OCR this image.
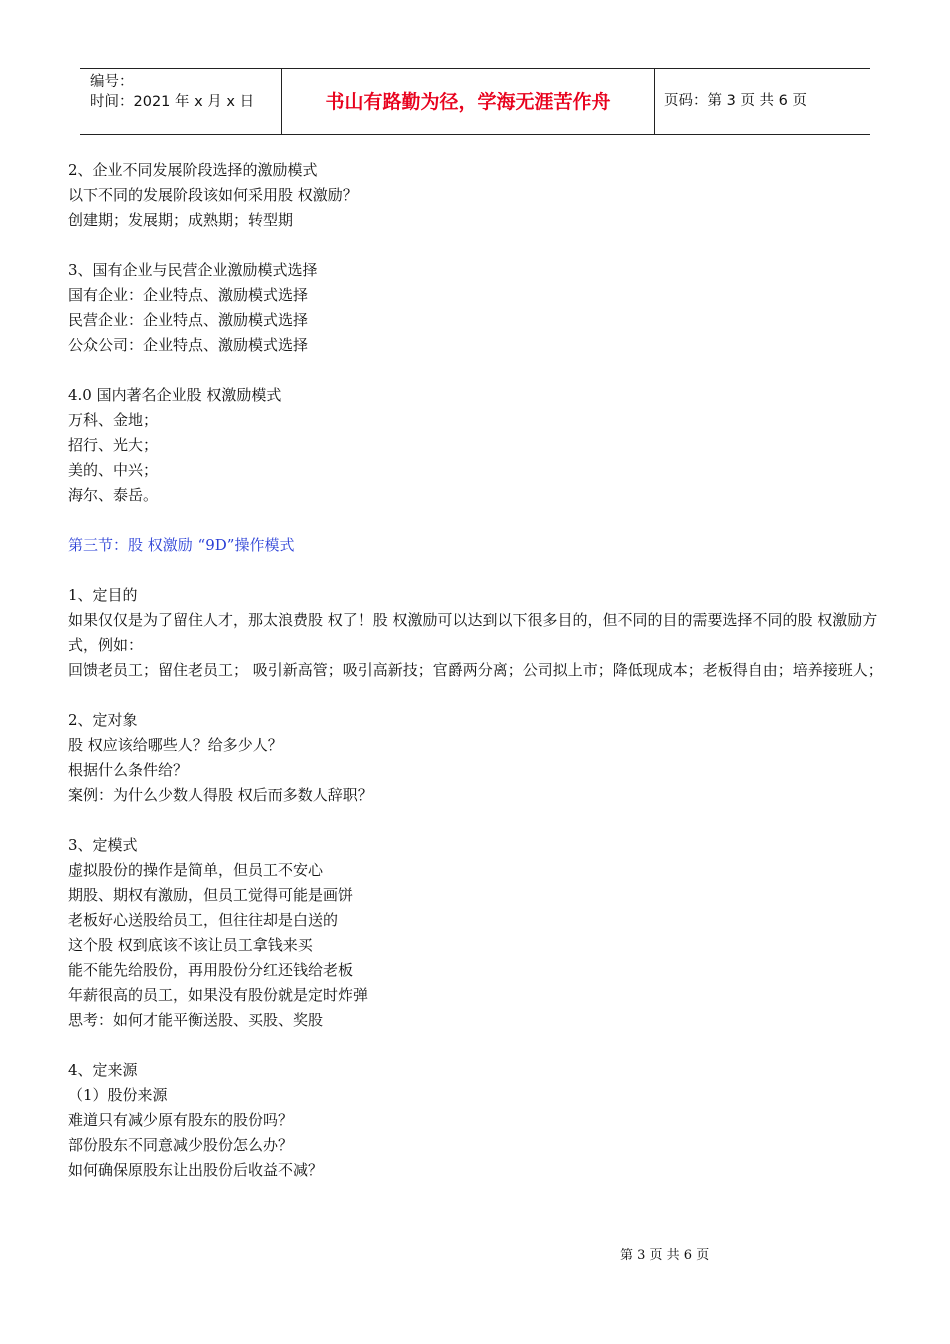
编号：
时间：2021 年 x 月 x 日	书山有路勤为径，学海无涯苦作舟	页码：第 3 页 共 6 页
2、企业不同发展阶段选择的激励模式
以下不同的发展阶段该如何采用股 权激励？
创建期；发展期；成熟期；转型期
3、国有企业与民营企业激励模式选择
国有企业：企业特点、激励模式选择
民营企业：企业特点、激励模式选择
公众公司：企业特点、激励模式选择
4.0 国内著名企业股 权激励模式
万科、金地；
招行、光大；
美的、中兴；
海尔、泰岳。
第三节：股 权激励 “9D”操作模式
1、定目的
如果仅仅是为了留住人才，那太浪费股 权了！股 权激励可以达到以下很多目的，但不同的目的需要选择不同的股 权激励方式，例如：
回馈老员工；留住老员工； 吸引新高管；吸引高新技；官爵两分离；公司拟上市；降低现成本；老板得自由；培养接班人；
2、定对象
股 权应该给哪些人？给多少人？
根据什么条件给？
案例：为什么少数人得股 权后而多数人辞职？
3、定模式
虚拟股份的操作是简单，但员工不安心
期股、期权有激励，但员工觉得可能是画饼
老板好心送股给员工，但往往却是白送的
这个股 权到底该不该让员工拿钱来买
能不能先给股份，再用股份分红还钱给老板
年薪很高的员工，如果没有股份就是定时炸弹
思考：如何才能平衡送股、买股、奖股
4、定来源
（1）股份来源
难道只有减少原有股东的股份吗？
部份股东不同意减少股份怎么办？
如何确保原股东让出股份后收益不减？
第 3 页 共 6 页
